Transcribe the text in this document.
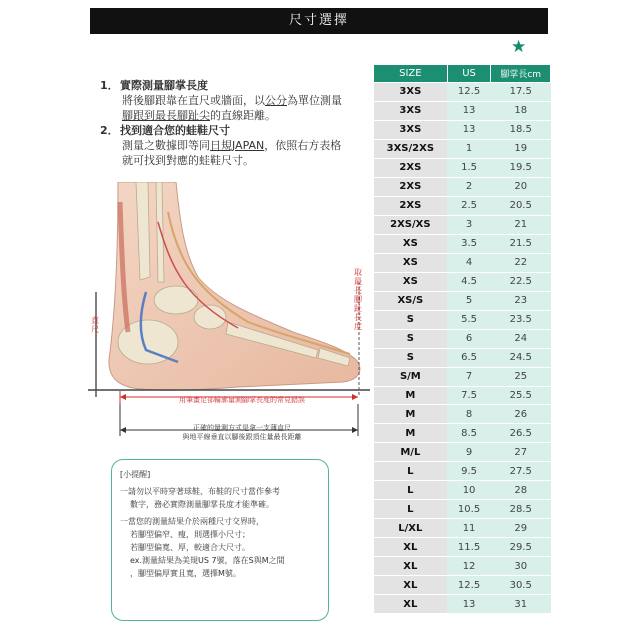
尺寸選擇
★
1． 實際測量腳掌長度
將後腳跟靠在直尺或牆面，以公分為單位測量
腳跟到最長腳趾尖的直線距離。
2． 找到適合您的蛙鞋尺寸
測量之數據即等同日規JAPAN，依照右方表格
就可找到對應的蛙鞋尺寸。
直尺
取最長腳趾長度
用筆畫足部輪廓量測腳掌長度的常見錯誤
正確的量測方式是拿一支薄直尺
與地平線垂直以腳後跟頂住量最長距離
[小提醒]
一請勿以平時穿著球鞋、布鞋的尺寸當作參考
數字，務必實際測量腳掌長度才能準確。
一當您的測量結果介於兩種尺寸交界時，
若腳型偏窄、瘦，則選擇小尺寸；
若腳型偏寬、厚，較適合大尺寸。
ex.測量結果為美規US 7號，落在S與M之間
，腳型偏厚實且寬，選擇M號。
SIZE	US	腳掌長cm
3XS	12.5	17.5
3XS	13	18
3XS	13	18.5
3XS/2XS	1	19
2XS	1.5	19.5
2XS	2	20
2XS	2.5	20.5
2XS/XS	3	21
XS	3.5	21.5
XS	4	22
XS	4.5	22.5
XS/S	5	23
S	5.5	23.5
S	6	24
S	6.5	24.5
S/M	7	25
M	7.5	25.5
M	8	26
M	8.5	26.5
M/L	9	27
L	9.5	27.5
L	10	28
L	10.5	28.5
L/XL	11	29
XL	11.5	29.5
XL	12	30
XL	12.5	30.5
XL	13	31
